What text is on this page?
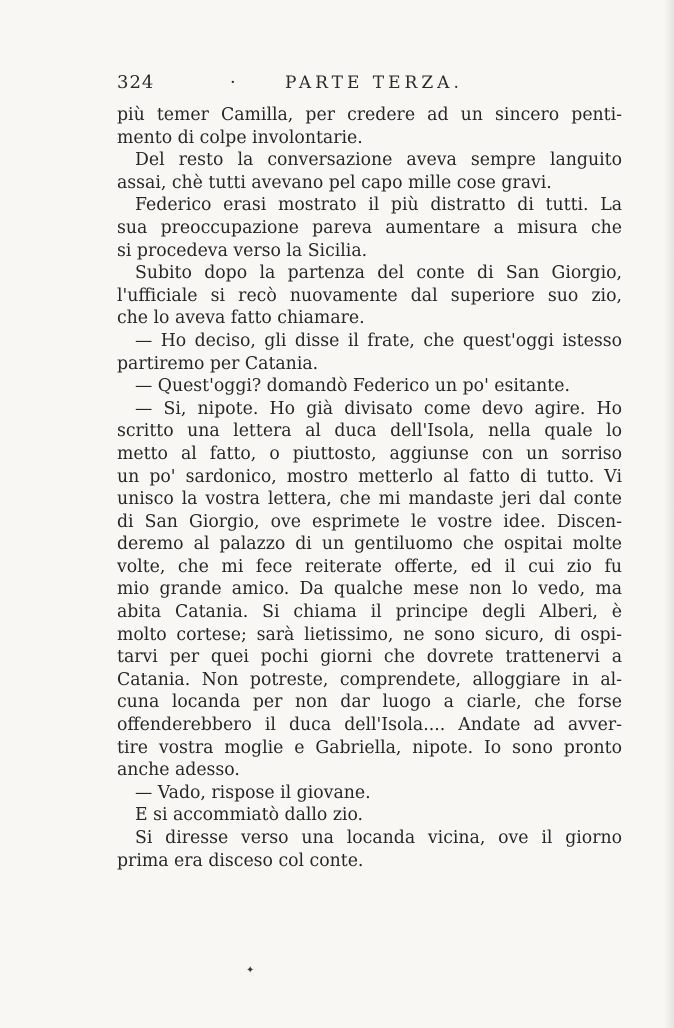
324	·	PARTE TERZA.
più temer Camilla, per credere ad un sincero penti-
mento di colpe involontarie.
Del resto la conversazione aveva sempre languito
assai, chè tutti avevano pel capo mille cose gravi.
Federico erasi mostrato il più distratto di tutti. La
sua preoccupazione pareva aumentare a misura che
si procedeva verso la Sicilia.
Subito dopo la partenza del conte di San Giorgio,
l'ufficiale si recò nuovamente dal superiore suo zio,
che lo aveva fatto chiamare.
— Ho deciso, gli disse il frate, che quest'oggi istesso
partiremo per Catania.
— Quest'oggi? domandò Federico un po' esitante.
— Si, nipote. Ho già divisato come devo agire. Ho
scritto una lettera al duca dell'Isola, nella quale lo
metto al fatto, o piuttosto, aggiunse con un sorriso
un po' sardonico, mostro metterlo al fatto di tutto. Vi
unisco la vostra lettera, che mi mandaste jeri dal conte
di San Giorgio, ove esprimete le vostre idee. Discen-
deremo al palazzo di un gentiluomo che ospitai molte
volte, che mi fece reiterate offerte, ed il cui zio fu
mio grande amico. Da qualche mese non lo vedo, ma
abita Catania. Si chiama il principe degli Alberi, è
molto cortese; sarà lietissimo, ne sono sicuro, di ospi-
tarvi per quei pochi giorni che dovrete trattenervi a
Catania. Non potreste, comprendete, alloggiare in al-
cuna locanda per non dar luogo a ciarle, che forse
offenderebbero il duca dell'Isola.... Andate ad avver-
tire vostra moglie e Gabriella, nipote. Io sono pronto
anche adesso.
— Vado, rispose il giovane.
E si accommiatò dallo zio.
Si diresse verso una locanda vicina, ove il giorno
prima era disceso col conte.
✦
